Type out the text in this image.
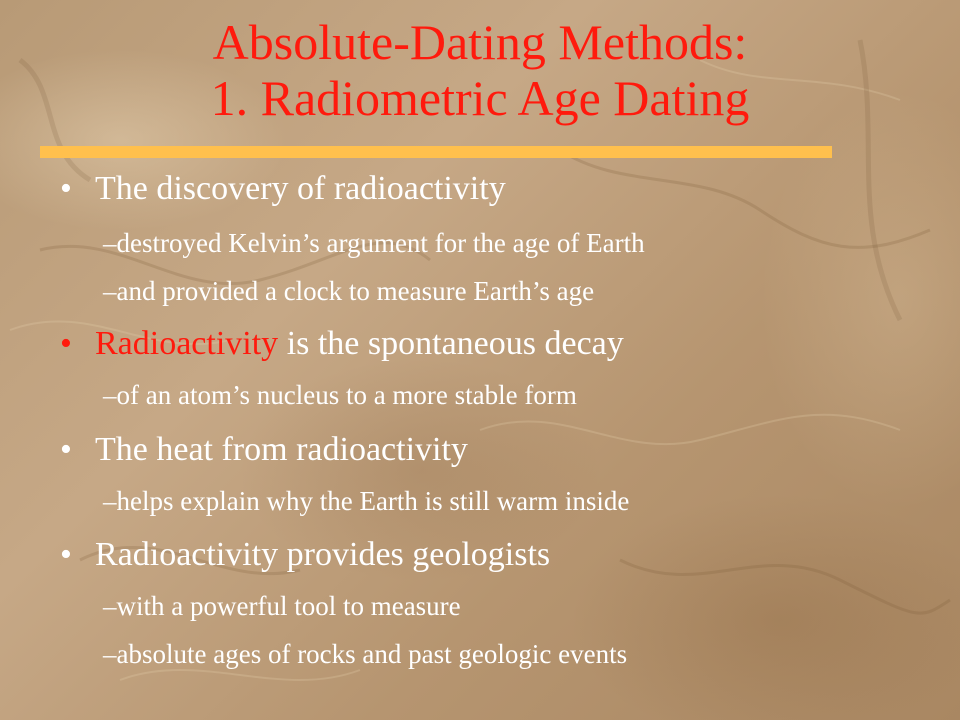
Absolute-Dating Methods:
1. Radiometric Age Dating
• The discovery of radioactivity
–destroyed Kelvin’s argument for the age of Earth
–and provided a clock to measure Earth’s age
• Radioactivity is the spontaneous decay
–of an atom’s nucleus to a more stable form
• The heat from radioactivity
–helps explain why the Earth is still warm inside
• Radioactivity provides geologists
–with a powerful tool to measure
–absolute ages of rocks and past geologic events
